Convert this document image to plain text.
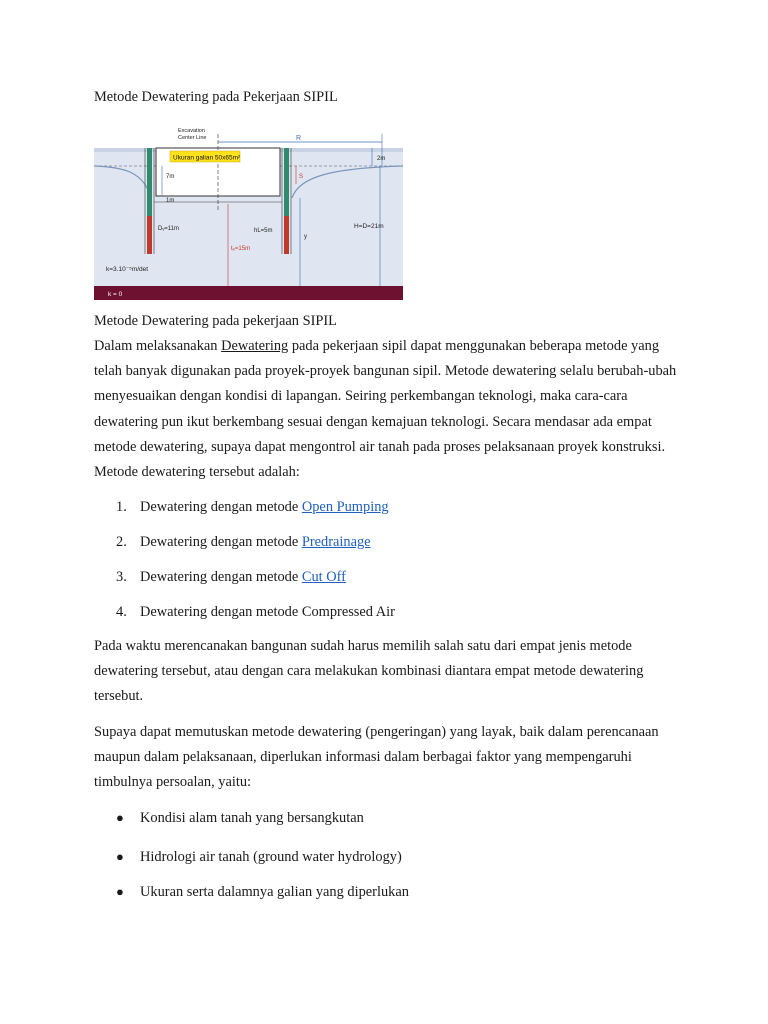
Metode Dewatering pada Pekerjaan SIPIL
k = 0
Excavation
Center Line
Ukuran galian 50x65m²
R
2m
H=D=21m
7m
1m
S
Dᵥ=11m	hL=5m
y
tₑ=15m
k=3.10⁻⁵m/det

Metode Dewatering pada pekerjaan SIPIL

Dalam melaksanakan Dewatering pada pekerjaan sipil dapat menggunakan beberapa metode yang telah banyak digunakan pada proyek-proyek bangunan sipil. Metode dewatering selalu berubah-ubah menyesuaikan dengan kondisi di lapangan. Seiring perkembangan teknologi, maka cara-cara dewatering pun ikut berkembang sesuai dengan kemajuan teknologi. Secara mendasar ada empat metode dewatering, supaya dapat mengontrol air tanah pada proses pelaksanaan proyek konstruksi. Metode dewatering tersebut adalah:

1. Dewatering dengan metode Open Pumping
2. Dewatering dengan metode Predrainage
3. Dewatering dengan metode Cut Off
4. Dewatering dengan metode Compressed Air

Pada waktu merencanakan bangunan sudah harus memilih salah satu dari empat jenis metode dewatering tersebut, atau dengan cara melakukan kombinasi diantara empat metode dewatering tersebut.

Supaya dapat memutuskan metode dewatering (pengeringan) yang layak, baik dalam perencanaan maupun dalam pelaksanaan, diperlukan informasi dalam berbagai faktor yang mempengaruhi timbulnya persoalan, yaitu:

● Kondisi alam tanah yang bersangkutan
● Hidrologi air tanah (ground water hydrology)
● Ukuran serta dalamnya galian yang diperlukan
